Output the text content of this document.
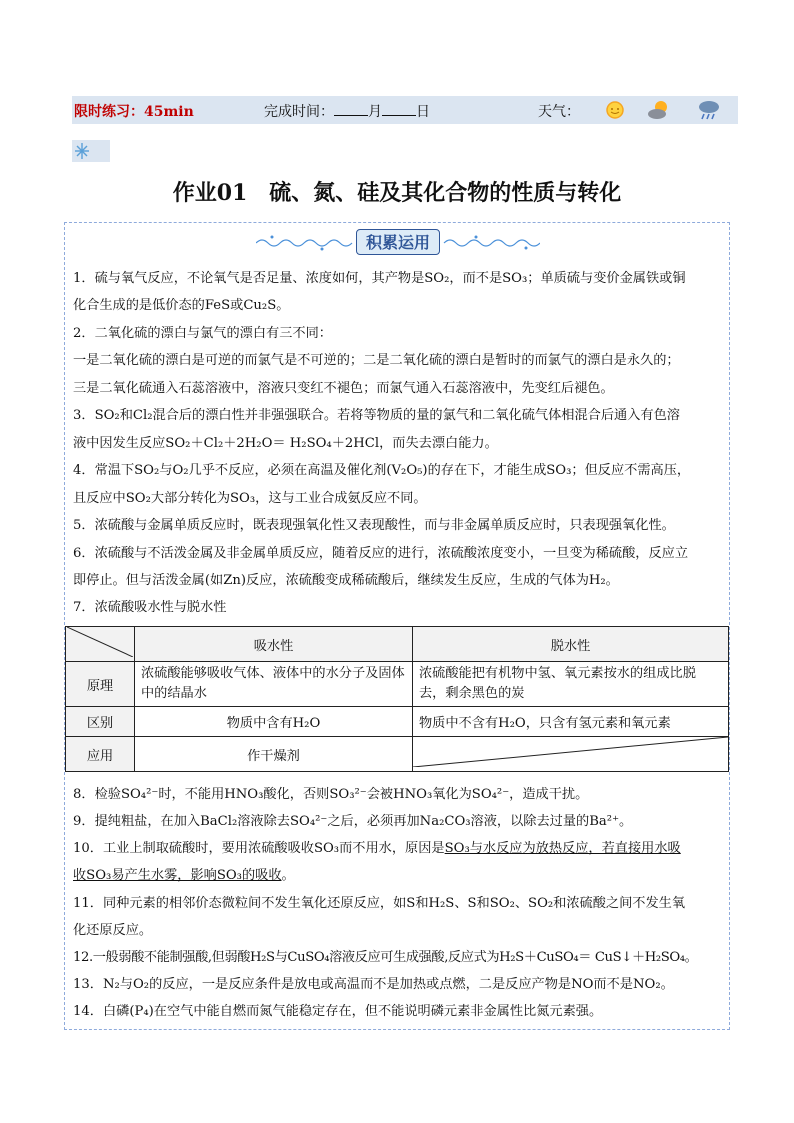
限时练习：45min	完成时间： 月 日	天气：
作业01　硫、氮、硅及其化合物的性质与转化
积累运用
1．硫与氧气反应，不论氧气是否足量、浓度如何，其产物是SO₂，而不是SO₃；单质硫与变价金属铁或铜
化合生成的是低价态的FeS或Cu₂S。
2．二氧化硫的漂白与氯气的漂白有三不同：
一是二氧化硫的漂白是可逆的而氯气是不可逆的；二是二氧化硫的漂白是暂时的而氯气的漂白是永久的；
三是二氧化硫通入石蕊溶液中，溶液只变红不褪色；而氯气通入石蕊溶液中，先变红后褪色。
3．SO₂和Cl₂混合后的漂白性并非强强联合。若将等物质的量的氯气和二氧化硫气体相混合后通入有色溶
液中因发生反应SO₂＋Cl₂＋2H₂O＝ H₂SO₄＋2HCl，而失去漂白能力。
4．常温下SO₂与O₂几乎不反应，必须在高温及催化剂(V₂O₅)的存在下，才能生成SO₃；但反应不需高压，
且反应中SO₂大部分转化为SO₃，这与工业合成氨反应不同。
5．浓硫酸与金属单质反应时，既表现强氧化性又表现酸性，而与非金属单质反应时，只表现强氧化性。
6．浓硫酸与不活泼金属及非金属单质反应，随着反应的进行，浓硫酸浓度变小，一旦变为稀硫酸，反应立
即停止。但与活泼金属(如Zn)反应，浓硫酸变成稀硫酸后，继续发生反应，生成的气体为H₂。
7．浓硫酸吸水性与脱水性
	吸水性	脱水性
原理	浓硫酸能够吸收气体、液体中的水分子及固体中的结晶水	浓硫酸能把有机物中氢、氧元素按水的组成比脱去，剩余黑色的炭
区别	物质中含有H₂O	物质中不含有H₂O，只含有氢元素和氧元素
应用	作干燥剂	
8．检验SO₄²⁻时，不能用HNO₃酸化，否则SO₃²⁻会被HNO₃氧化为SO₄²⁻，造成干扰。
9．提纯粗盐，在加入BaCl₂溶液除去SO₄²⁻之后，必须再加Na₂CO₃溶液，以除去过量的Ba²⁺。
10．工业上制取硫酸时，要用浓硫酸吸收SO₃而不用水，原因是SO₃与水反应为放热反应，若直接用水吸
收SO₃易产生水雾，影响SO₃的吸收。
11．同种元素的相邻价态微粒间不发生氧化还原反应，如S和H₂S、S和SO₂、SO₂和浓硫酸之间不发生氧
化还原反应。
12.一般弱酸不能制强酸,但弱酸H₂S与CuSO₄溶液反应可生成强酸,反应式为H₂S＋CuSO₄＝ CuS↓＋H₂SO₄。
13．N₂与O₂的反应，一是反应条件是放电或高温而不是加热或点燃，二是反应产物是NO而不是NO₂。
14．白磷(P₄)在空气中能自燃而氮气能稳定存在，但不能说明磷元素非金属性比氮元素强。
